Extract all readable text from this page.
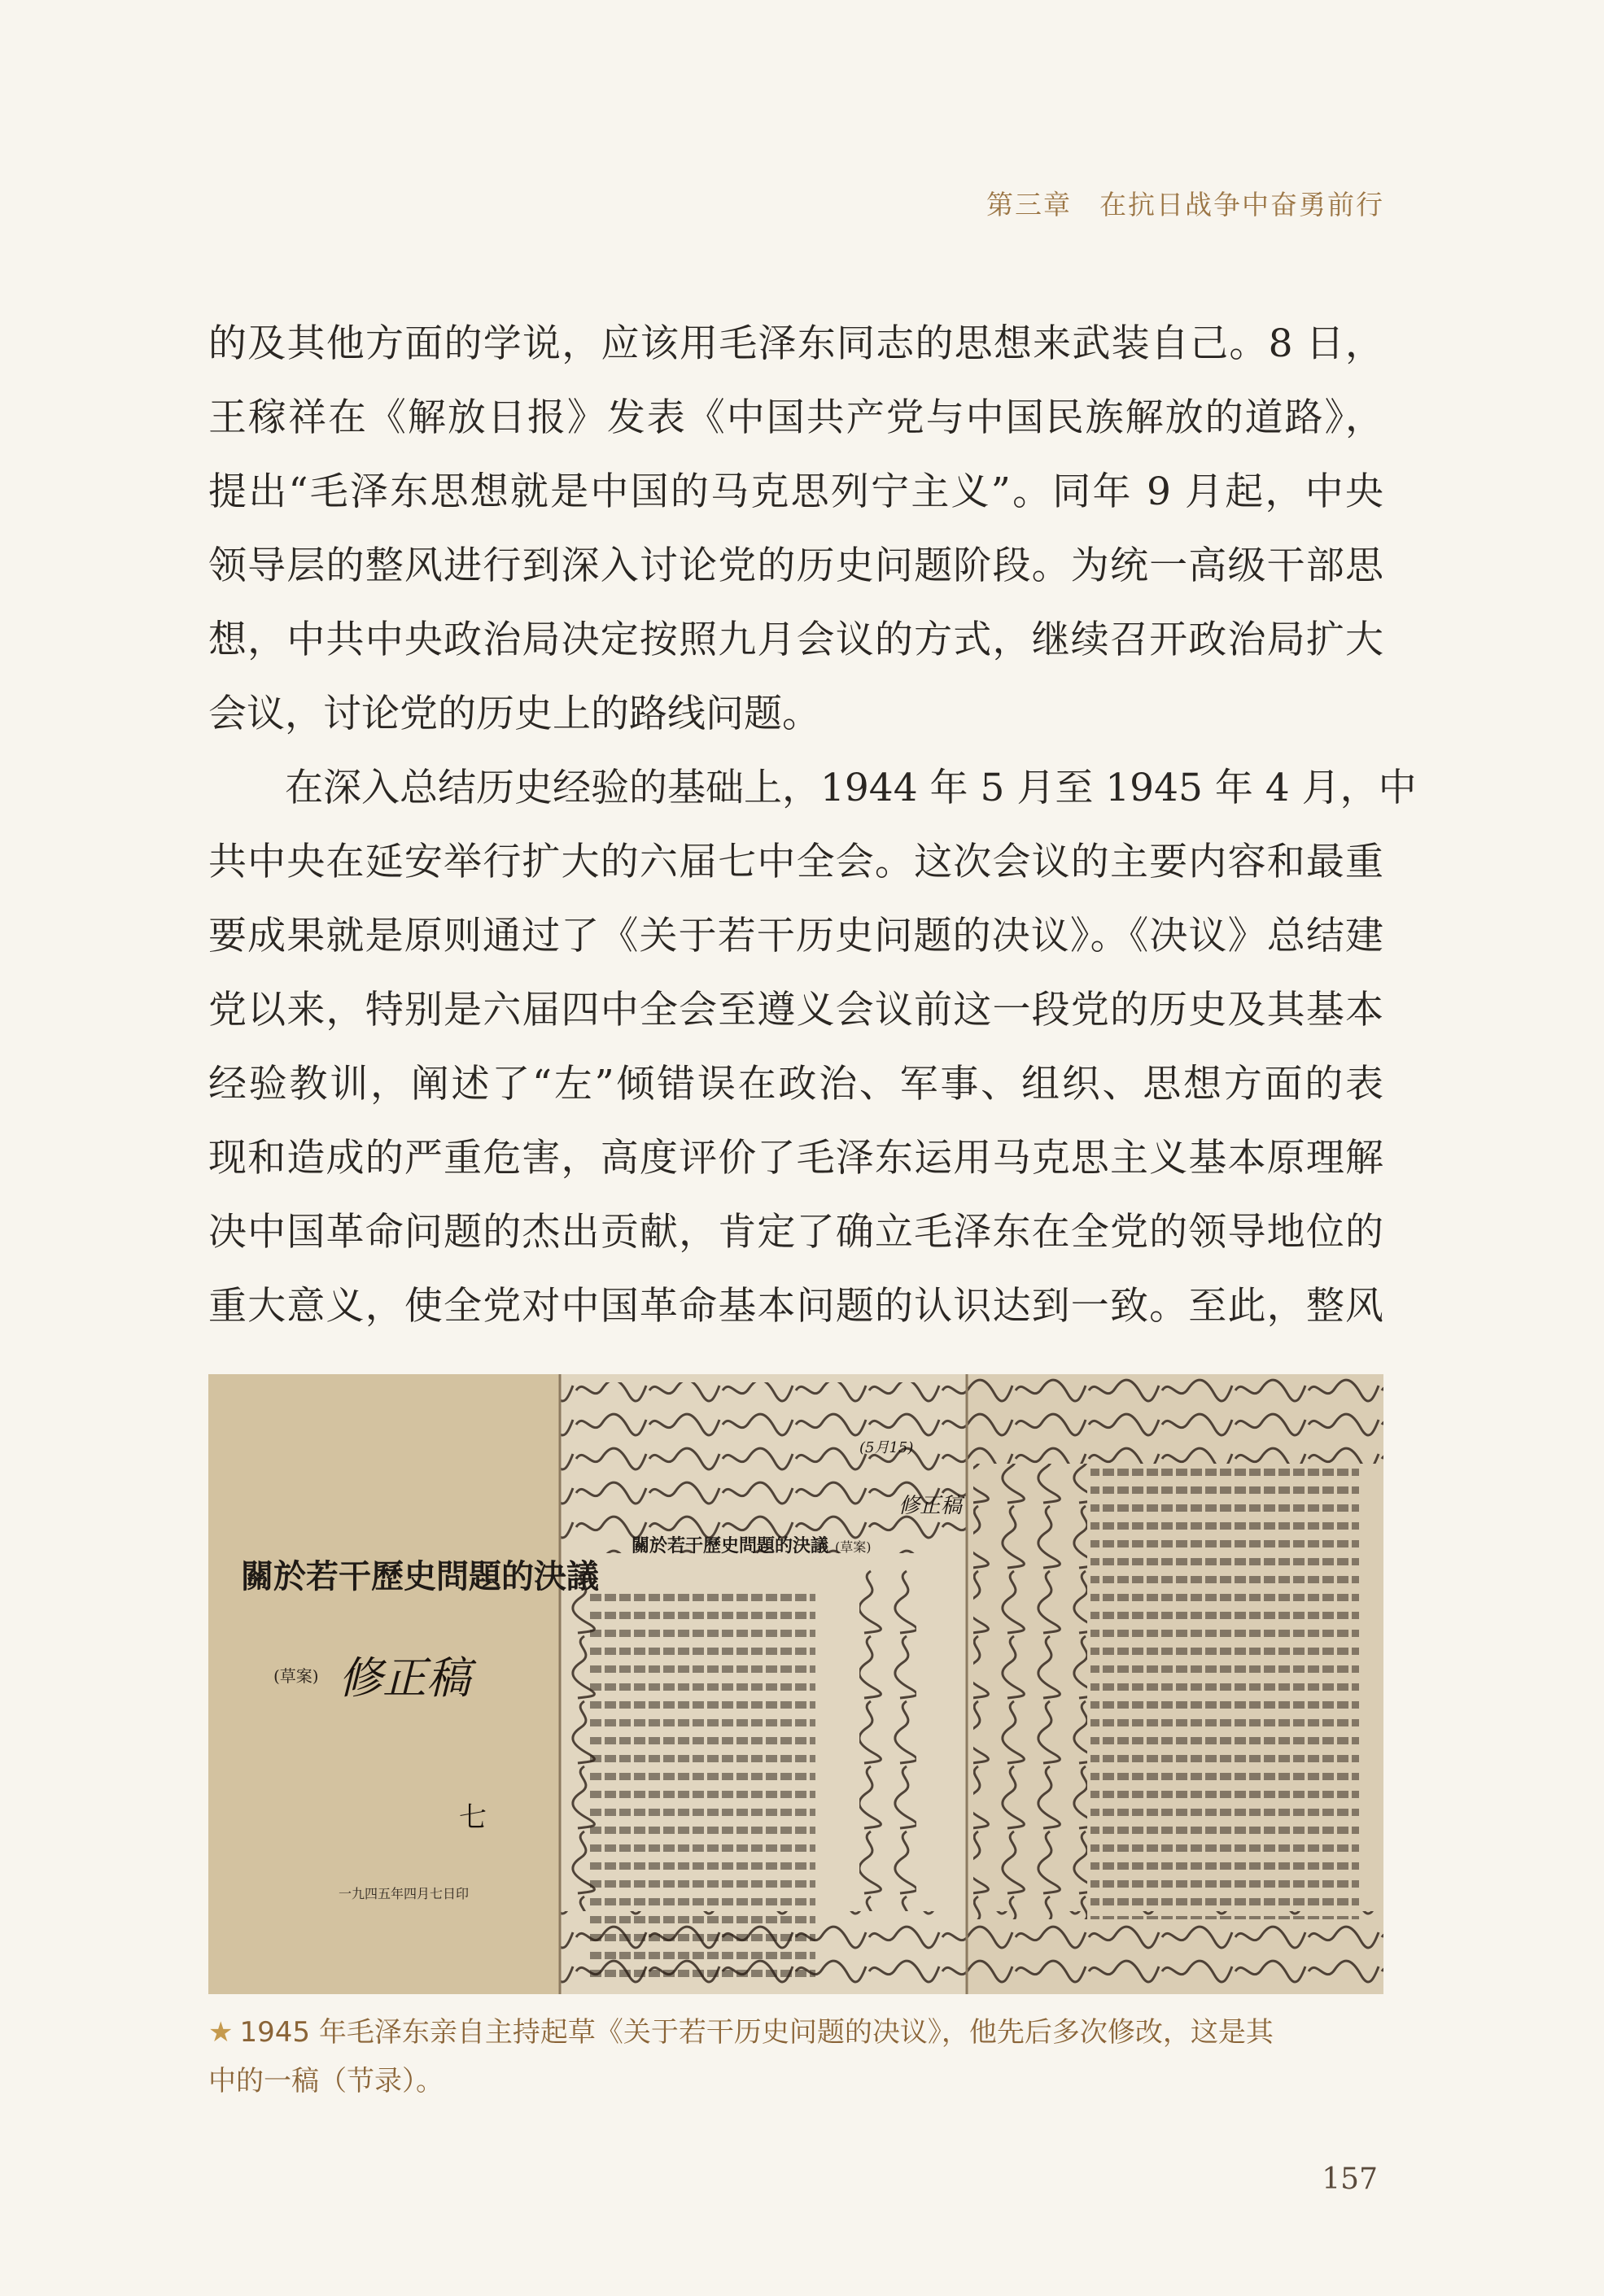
第三章 在抗日战争中奋勇前行

的及其他方面的学说，应该用毛泽东同志的思想来武装自己。8 日，
王稼祥在《解放日报》发表《中国共产党与中国民族解放的道路》，
提出“毛泽东思想就是中国的马克思列宁主义”。同年 9 月起，中央
领导层的整风进行到深入讨论党的历史问题阶段。为统一高级干部思
想，中共中央政治局决定按照九月会议的方式，继续召开政治局扩大
会议，讨论党的历史上的路线问题。

在深入总结历史经验的基础上，1944 年 5 月至 1945 年 4 月，中
共中央在延安举行扩大的六届七中全会。这次会议的主要内容和最重
要成果就是原则通过了《关于若干历史问题的决议》。《决议》总结建
党以来，特别是六届四中全会至遵义会议前这一段党的历史及其基本
经验教训，阐述了“左”倾错误在政治、军事、组织、思想方面的表
现和造成的严重危害，高度评价了毛泽东运用马克思主义基本原理解
决中国革命问题的杰出贡献，肯定了确立毛泽东在全党的领导地位的
重大意义，使全党对中国革命基本问题的认识达到一致。至此，整风

關於若干歷史問題的決議
(草案) 修正稿
七
一九四五年四月七日印
關於若干歷史問題的決議 (草案)
修正稿
(5月15)
★ 1945 年毛泽东亲自主持起草《关于若干历史问题的决议》，他先后多次修改，这是其
中的一稿（节录）。
157
